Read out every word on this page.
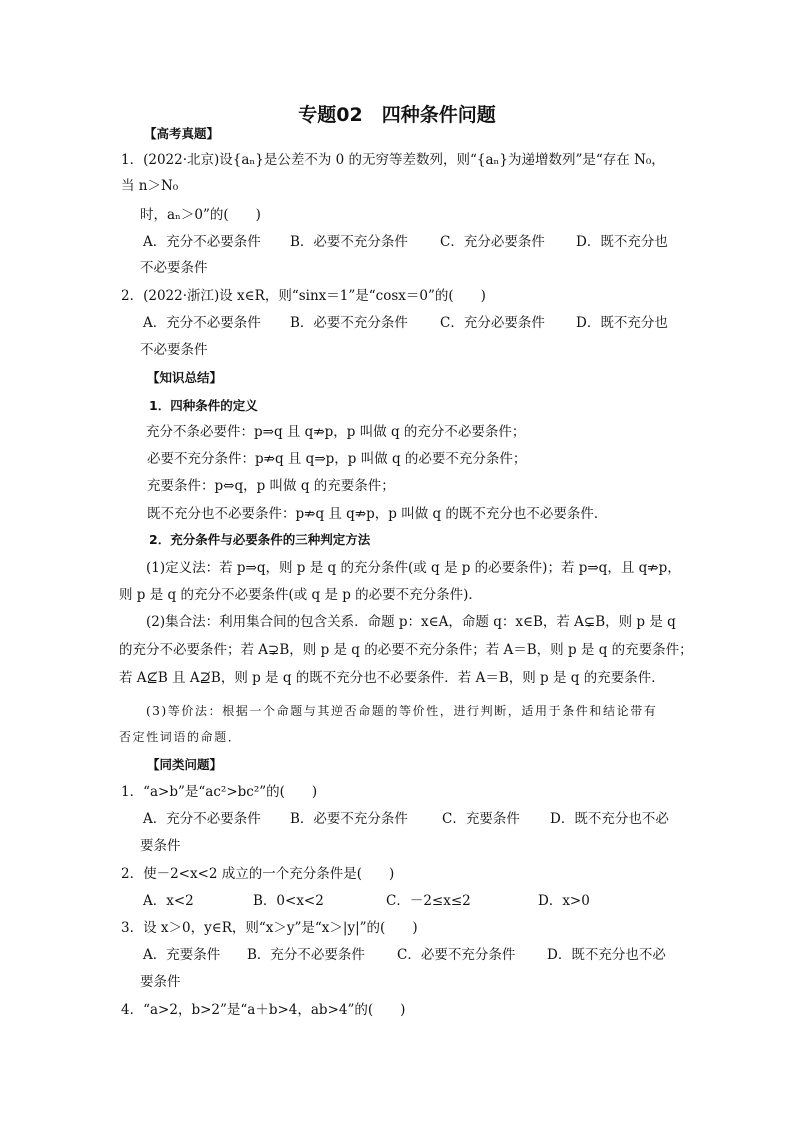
专题02　四种条件问题
【高考真题】
1．(2022·北京)设{aₙ}是公差不为 0 的无穷等差数列，则“{aₙ}为递增数列”是“存在 N₀，
当 n＞N₀
时，aₙ＞0”的(　　)
A．充分不必要条件	B．必要不充分条件	C．充分必要条件	D．既不充分也
不必要条件
2．(2022·浙江)设 x∈R，则“sinx＝1”是“cosx＝0”的(　　)
A．充分不必要条件	B．必要不充分条件	C．充分必要条件	D．既不充分也
不必要条件
【知识总结】
1．四种条件的定义
充分不条必要件：p⇒q 且 q⇏p，p 叫做 q 的充分不必要条件；
必要不充分条件：p⇏q 且 q⇒p，p 叫做 q 的必要不充分条件；
充要条件：p⇔q，p 叫做 q 的充要条件；
既不充分也不必要条件：p⇏q 且 q⇏p，p 叫做 q 的既不充分也不必要条件．
2．充分条件与必要条件的三种判定方法
(1)定义法：若 p⇒q，则 p 是 q 的充分条件(或 q 是 p 的必要条件)；若 p⇒q，且 q⇏p，
则 p 是 q 的充分不必要条件(或 q 是 p 的必要不充分条件)．
(2)集合法：利用集合间的包含关系．命题 p：x∈A，命题 q：x∈B，若 A⊊B，则 p 是 q
的充分不必要条件；若 A⊋B，则 p 是 q 的必要不充分条件；若 A＝B，则 p 是 q 的充要条件；
若 A⊈B 且 A⊉B，则 p 是 q 的既不充分也不必要条件．若 A＝B，则 p 是 q 的充要条件．
(3)等价法：根据一个命题与其逆否命题的等价性，进行判断，适用于条件和结论带有
否定性词语的命题．
【同类问题】
1．“a>b”是“ac²>bc²”的(　　)
A．充分不必要条件	B．必要不充分条件	C．充要条件	D．既不充分也不必
要条件
2．使－2<x<2 成立的一个充分条件是(　　)
A．x<2	B．0<x<2	C．－2≤x≤2	D．x>0
3．设 x＞0，y∈R，则“x＞y”是“x＞|y|”的(　　)
A．充要条件	B．充分不必要条件	C．必要不充分条件	D．既不充分也不必
要条件
4．“a>2，b>2”是“a＋b>4，ab>4”的(　　)
